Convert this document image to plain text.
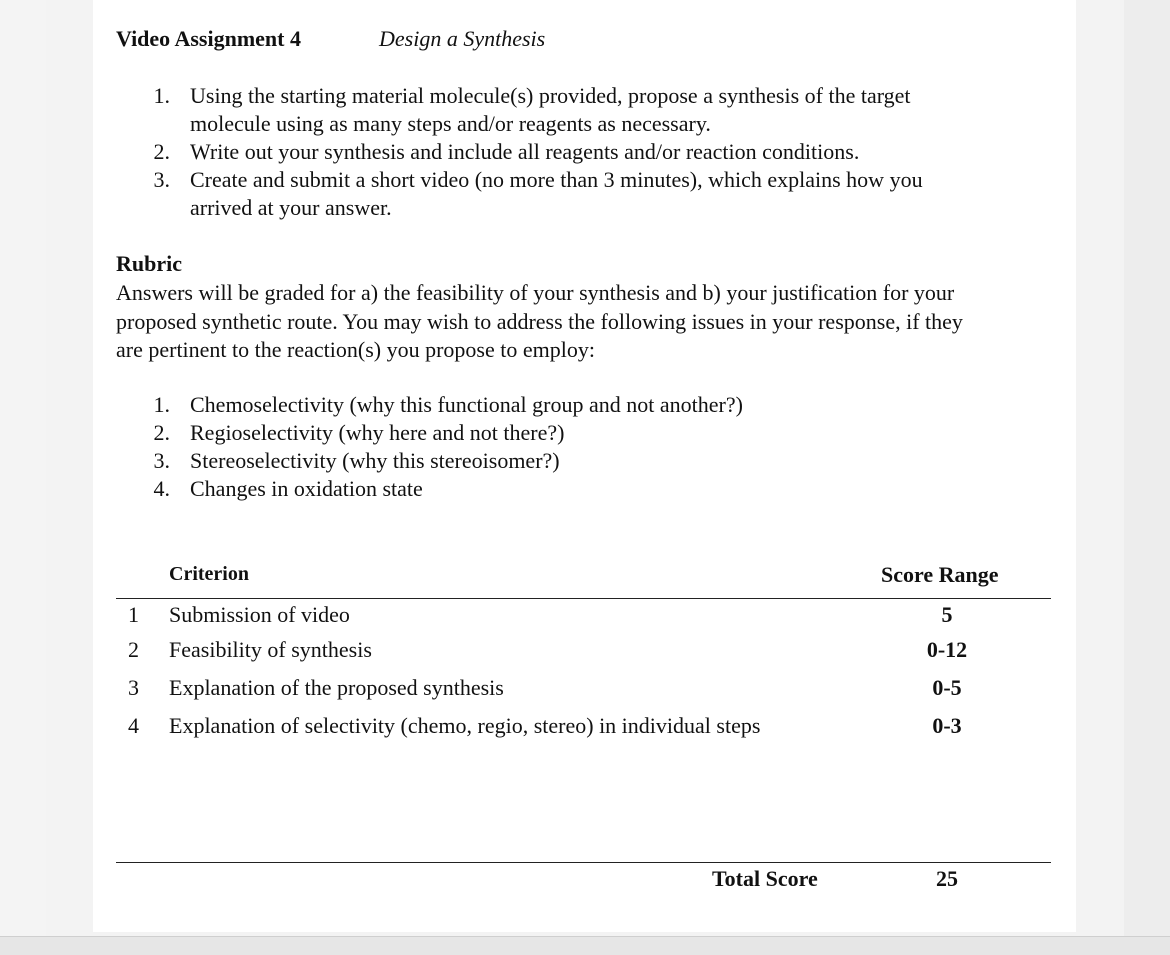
Video Assignment 4	Design a Synthesis
1. Using the starting material molecule(s) provided, propose a synthesis of the target
molecule using as many steps and/or reagents as necessary.
2. Write out your synthesis and include all reagents and/or reaction conditions.
3. Create and submit a short video (no more than 3 minutes), which explains how you
arrived at your answer.
Rubric
Answers will be graded for a) the feasibility of your synthesis and b) your justification for your
proposed synthetic route. You may wish to address the following issues in your response, if they
are pertinent to the reaction(s) you propose to employ:
1. Chemoselectivity (why this functional group and not another?)
2. Regioselectivity (why here and not there?)
3. Stereoselectivity (why this stereoisomer?)
4. Changes in oxidation state
Criterion	Score Range
1 Submission of video	5
2 Feasibility of synthesis	0-12
3 Explanation of the proposed synthesis	0-5
4 Explanation of selectivity (chemo, regio, stereo) in individual steps	0-3
Total Score	25
